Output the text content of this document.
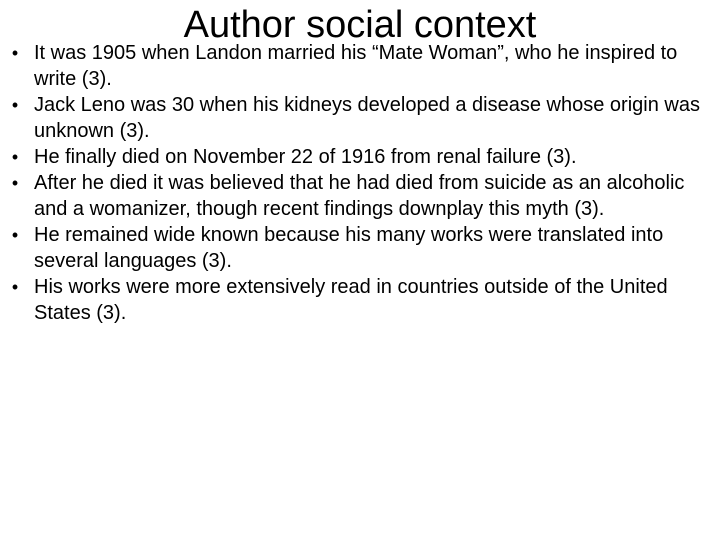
Author social context
• It was 1905 when Landon married his “Mate Woman”, who he inspired to write (3).
• Jack Leno was 30 when his kidneys developed a disease whose origin was unknown (3).
• He finally died on November 22 of 1916 from renal failure (3).
• After he died it was believed that he had died from suicide as an alcoholic and a womanizer, though recent findings downplay this myth (3).
• He remained wide known because his many works were translated into several languages (3).
• His works were more extensively read in countries outside of the United States (3).
